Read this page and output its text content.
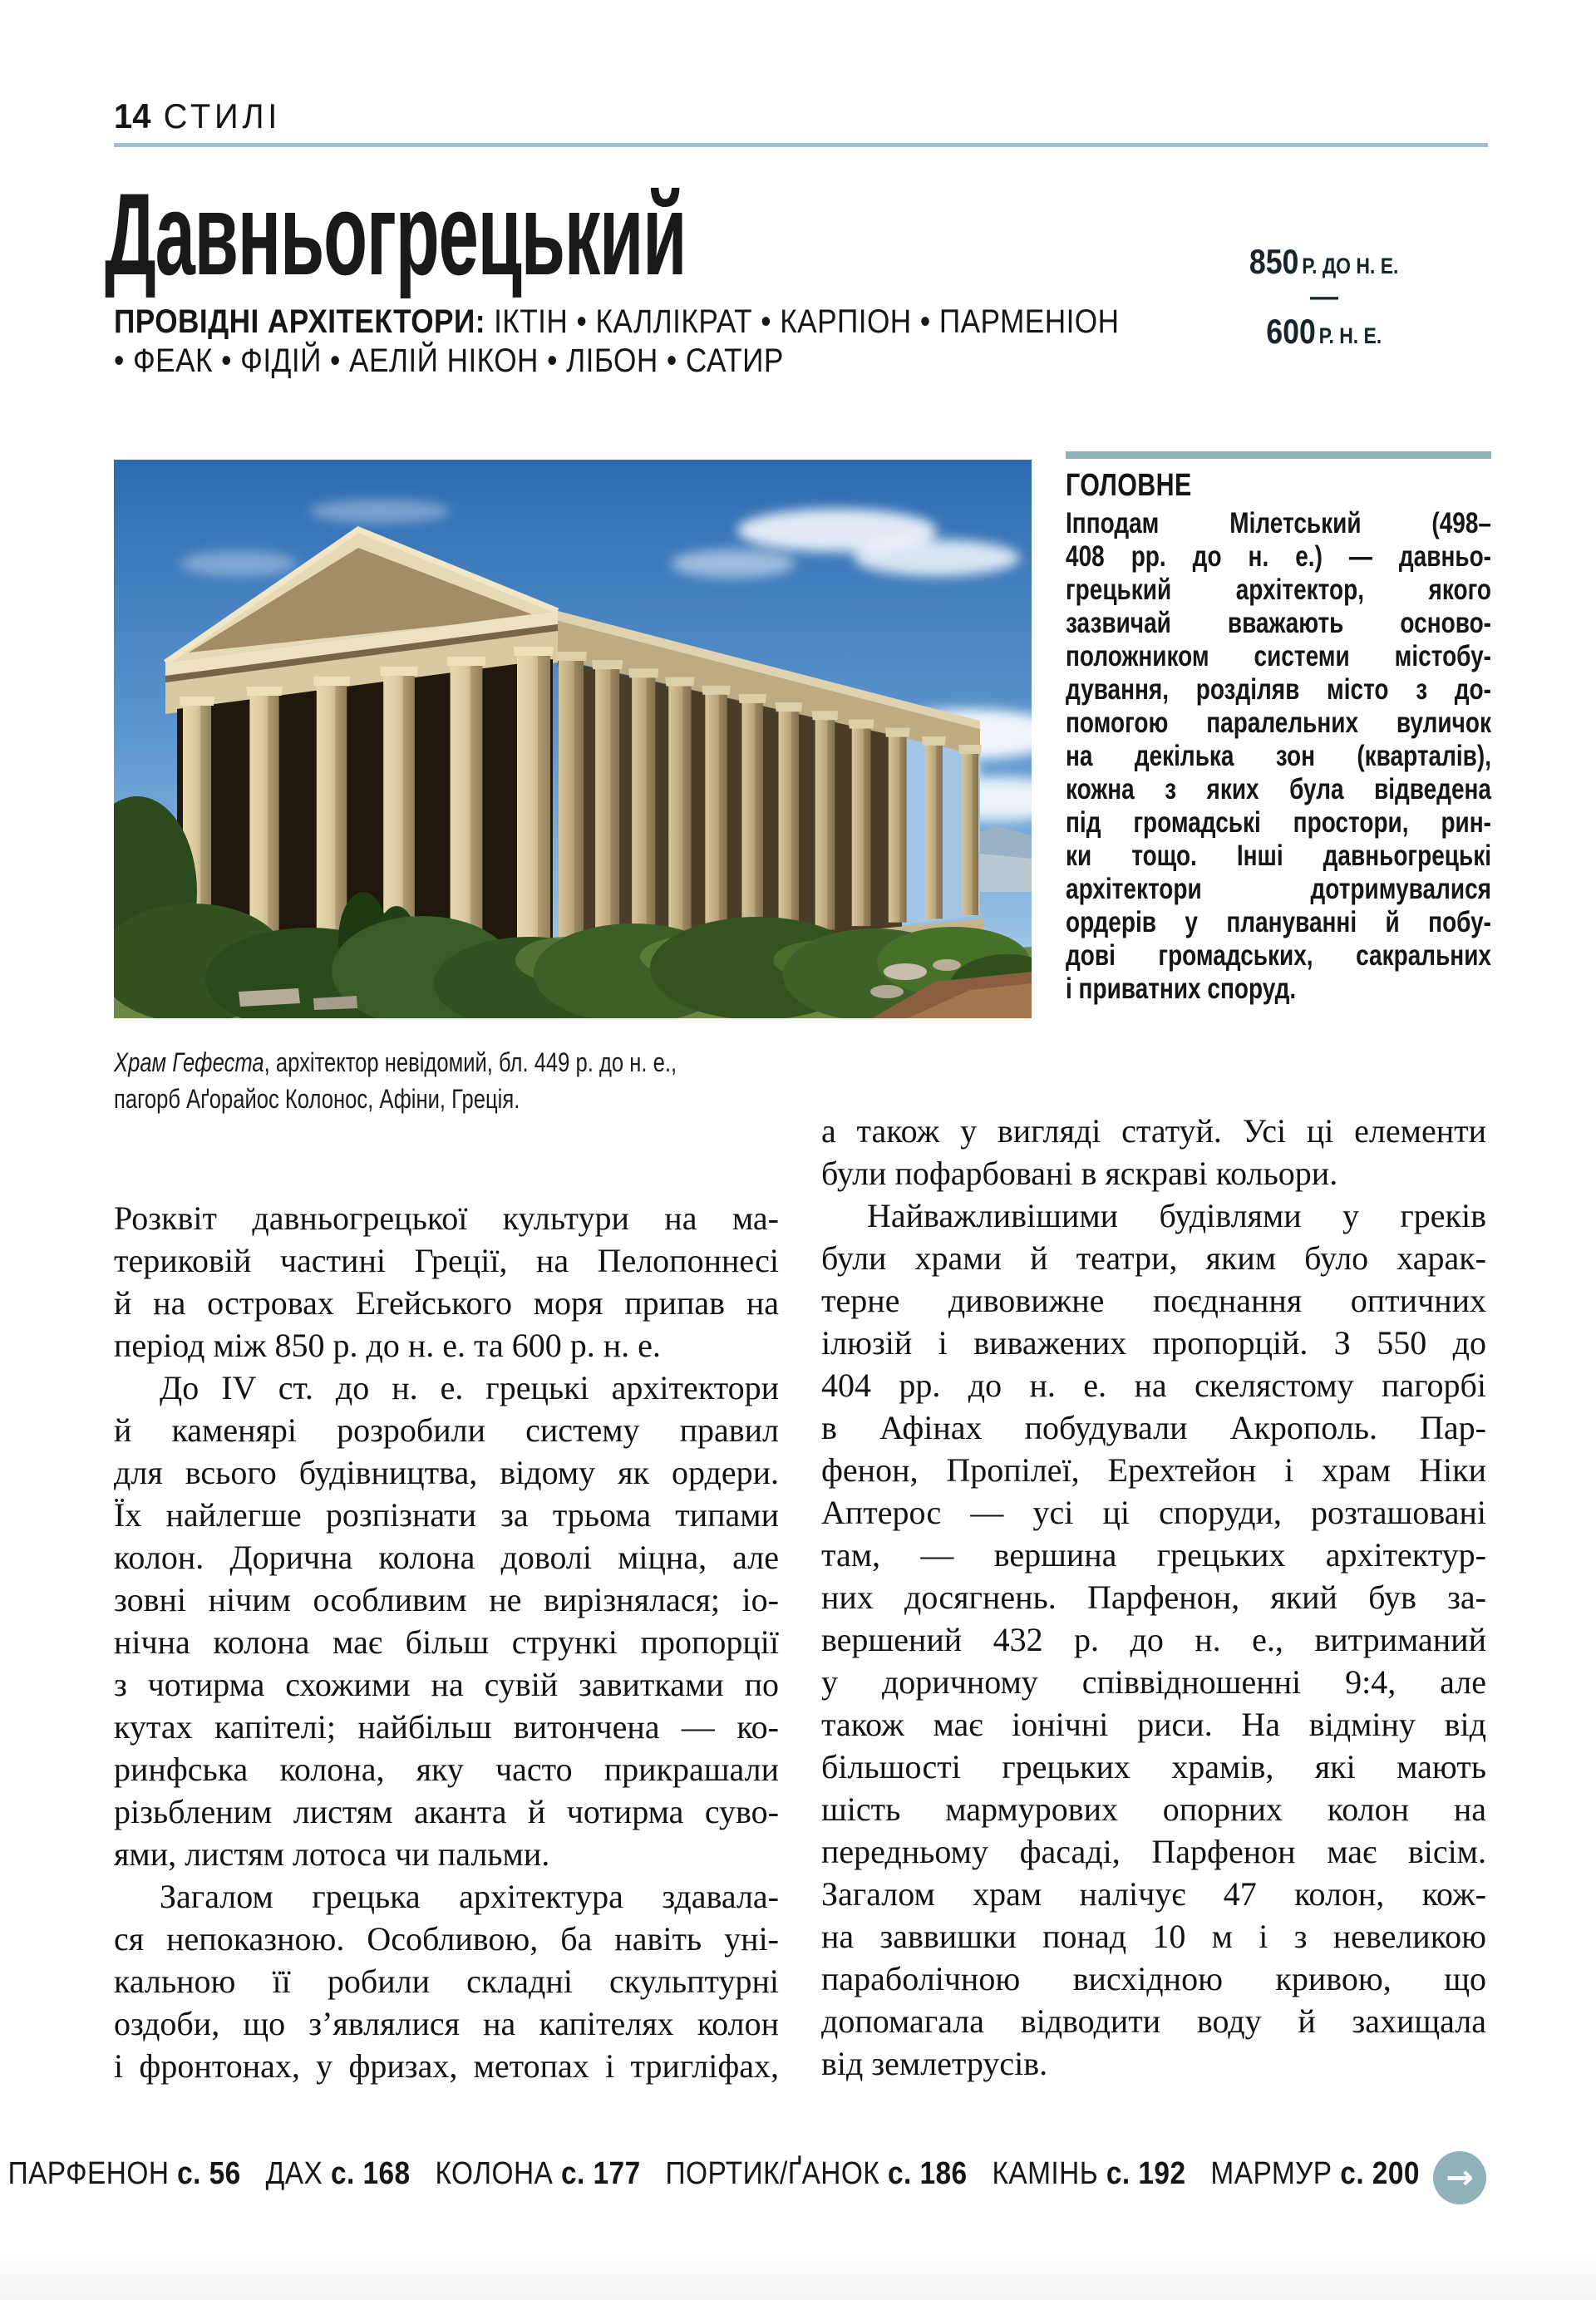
14 СТИЛІ
Давньогрецький	850 Р. ДО Н. Е.
—
600 Р. Н. Е.
ПРОВІДНІ АРХІТЕКТОРИ: ІКТІН • КАЛЛІКРАТ • КАРПІОН • ПАРМЕНІОН
• ФЕАК • ФІДІЙ • АЕЛІЙ НІКОН • ЛІБОН • САТИР
Храм Гефеста, архітектор невідомий, бл. 449 р. до н. е.,
пагорб Аґорайос Колонос, Афіни, Греція.
ГОЛОВНЕ
Іпподам Мілетський (498–
408 рр. до н. е.) — давньо-
грецький архітектор, якого
зазвичай вважають осново-
положником системи містобу-
дування, розділяв місто з до-
помогою паралельних вуличок
на декілька зон (кварталів),
кожна з яких була відведена
під громадські простори, рин-
ки тощо. Інші давньогрецькі
архітектори дотримувалися
ордерів у плануванні й побу-
дові громадських, сакральних
і приватних споруд.
Розквіт давньогрецької культури на ма-
териковій частині Греції, на Пелопоннесі
й на островах Егейського моря припав на
період між 850 р. до н. е. та 600 р. н. е.
До IV ст. до н. е. грецькі архітектори
й каменярі розробили систему правил
для всього будівництва, відому як ордери.
Їх найлегше розпізнати за трьома типами
колон. Дорична колона доволі міцна, але
зовні нічим особливим не вирізнялася; іо-
нічна колона має більш стрункі пропорції
з чотирма схожими на сувій завитками по
кутах капітелі; найбільш витончена — ко-
ринфська колона, яку часто прикрашали
різьбленим листям аканта й чотирма суво-
ями, листям лотоса чи пальми.
Загалом грецька архітектура здавала-
ся непоказною. Особливою, ба навіть уні-
кальною її робили складні скульптурні
оздоби, що з’являлися на капітелях колон
і фронтонах, у фризах, метопах і тригліфах,
а також у вигляді статуй. Усі ці елементи
були пофарбовані в яскраві кольори.
Найважливішими будівлями у греків
були храми й театри, яким було харак-
терне дивовижне поєднання оптичних
ілюзій і виважених пропорцій. З 550 до
404 рр. до н. е. на скелястому пагорбі
в Афінах побудували Акрополь. Пар-
фенон, Пропілеї, Ерехтейон і храм Ніки
Аптерос — усі ці споруди, розташовані
там, — вершина грецьких архітектур-
них досягнень. Парфенон, який був за-
вершений 432 р. до н. е., витриманий
у доричному співвідношенні 9:4, але
також має іонічні риси. На відміну від
більшості грецьких храмів, які мають
шість мармурових опорних колон на
передньому фасаді, Парфенон має вісім.
Загалом храм налічує 47 колон, кож-
на заввишки понад 10 м і з невеликою
параболічною висхідною кривою, що
допомагала відводити воду й захищала
від землетрусів.
ПАРФЕНОН с. 56 ДАХ с. 168 КОЛОНА с. 177 ПОРТИК/ҐАНОК с. 186 КАМІНЬ с. 192 МАРМУР с. 200 →
